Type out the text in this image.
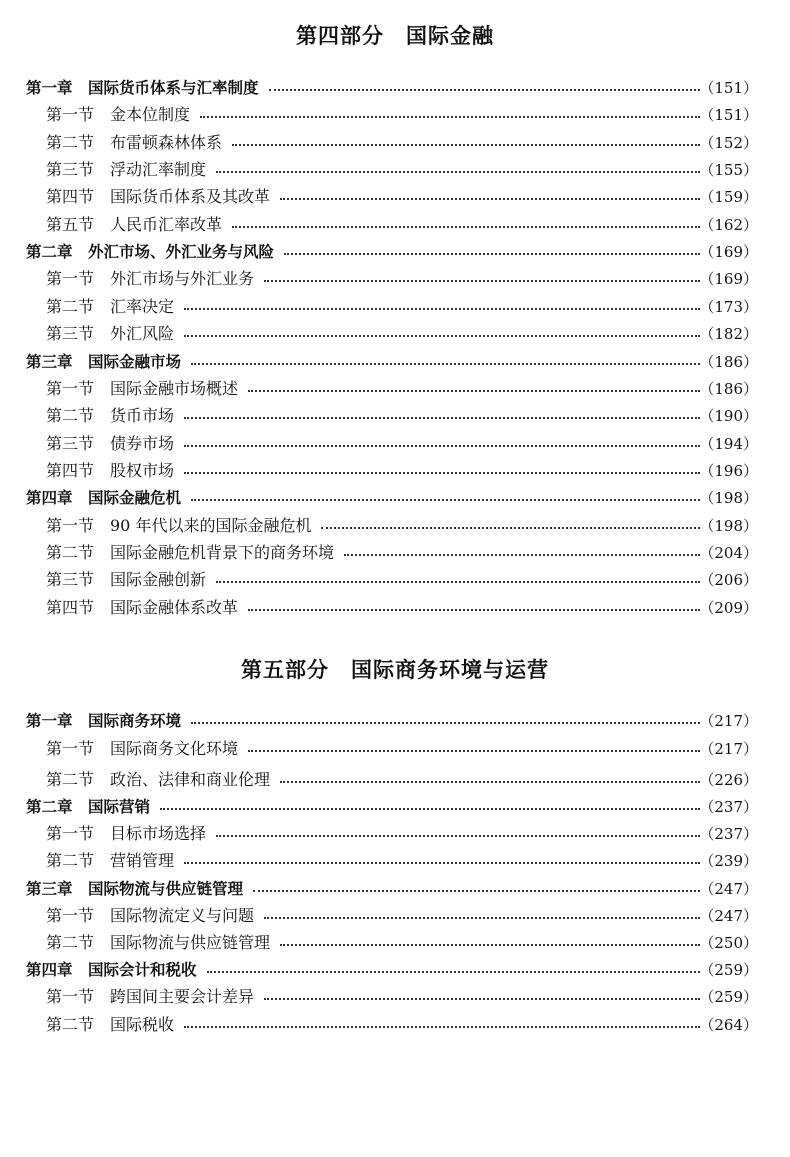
第四部分　国际金融
第一章　国际货币体系与汇率制度	（151）
第一节　金本位制度	（151）
第二节　布雷顿森林体系	（152）
第三节　浮动汇率制度	（155）
第四节　国际货币体系及其改革	（159）
第五节　人民币汇率改革	（162）
第二章　外汇市场、外汇业务与风险	（169）
第一节　外汇市场与外汇业务	（169）
第二节　汇率决定	（173）
第三节　外汇风险	（182）
第三章　国际金融市场	（186）
第一节　国际金融市场概述	（186）
第二节　货币市场	（190）
第三节　债券市场	（194）
第四节　股权市场	（196）
第四章　国际金融危机	（198）
第一节　90 年代以来的国际金融危机	（198）
第二节　国际金融危机背景下的商务环境	（204）
第三节　国际金融创新	（206）
第四节　国际金融体系改革	（209）
第五部分　国际商务环境与运营
第一章　国际商务环境	（217）
第一节　国际商务文化环境	（217）
第二节　政治、法律和商业伦理	（226）
第二章　国际营销	（237）
第一节　目标市场选择	（237）
第二节　营销管理	（239）
第三章　国际物流与供应链管理	（247）
第一节　国际物流定义与问题	（247）
第二节　国际物流与供应链管理	（250）
第四章　国际会计和税收	（259）
第一节　跨国间主要会计差异	（259）
第二节　国际税收	（264）
